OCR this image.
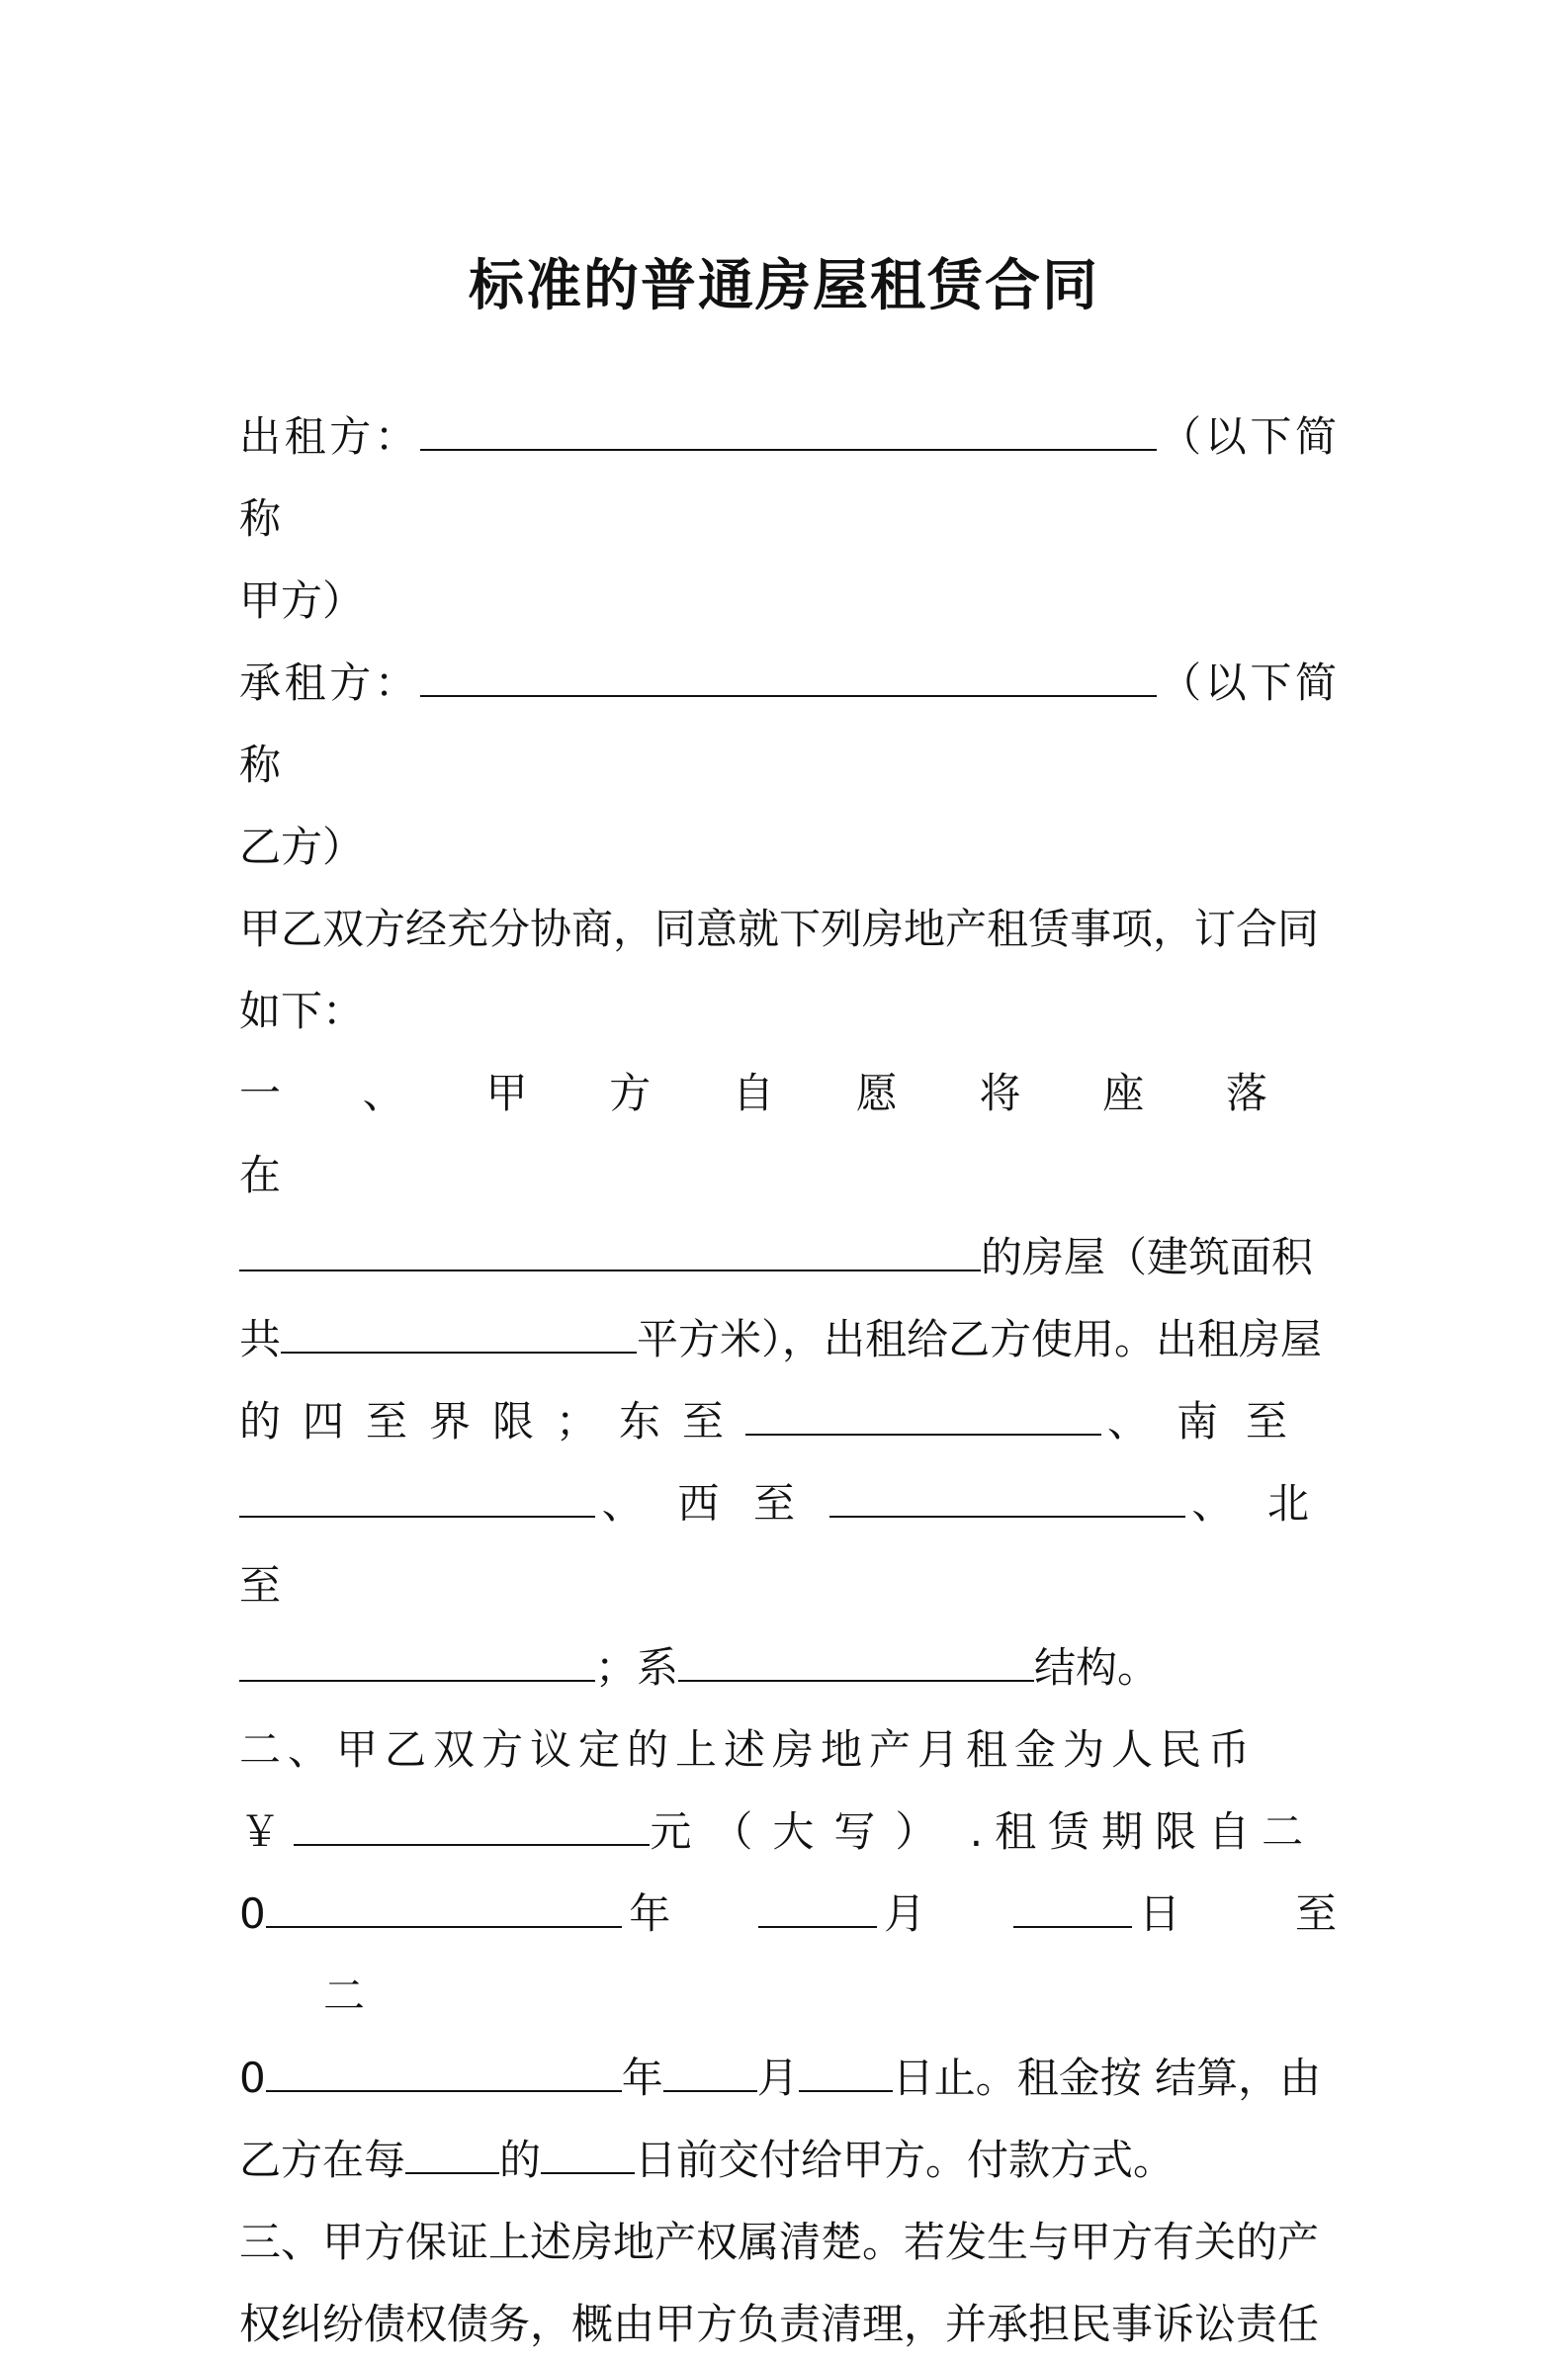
标准的普通房屋租赁合同

出租方：	（以下简称

甲方）

承租方：	（以下简称

乙方）

甲乙双方经充分协商，同意就下列房地产租赁事项，订合同

如下：

一、甲方自愿将座落在

的房屋（建筑面积

共	平方米），出租给乙方使用。出租房屋

的四至界限；东至	、南至

、西至	、北至

；系	结构。

二、甲乙双方议定的上述房地产月租金为人民币

￥	元（大写） .租赁期限自二

0	年	月	日 至 二

0	年 月 日止。租金按 结算，由

乙方在每 的 日前交付给甲方。付款方式。

三、甲方保证上述房地产权属清楚。若发生与甲方有关的产

权纠纷债权债务，概由甲方负责清理，并承担民事诉讼责任
